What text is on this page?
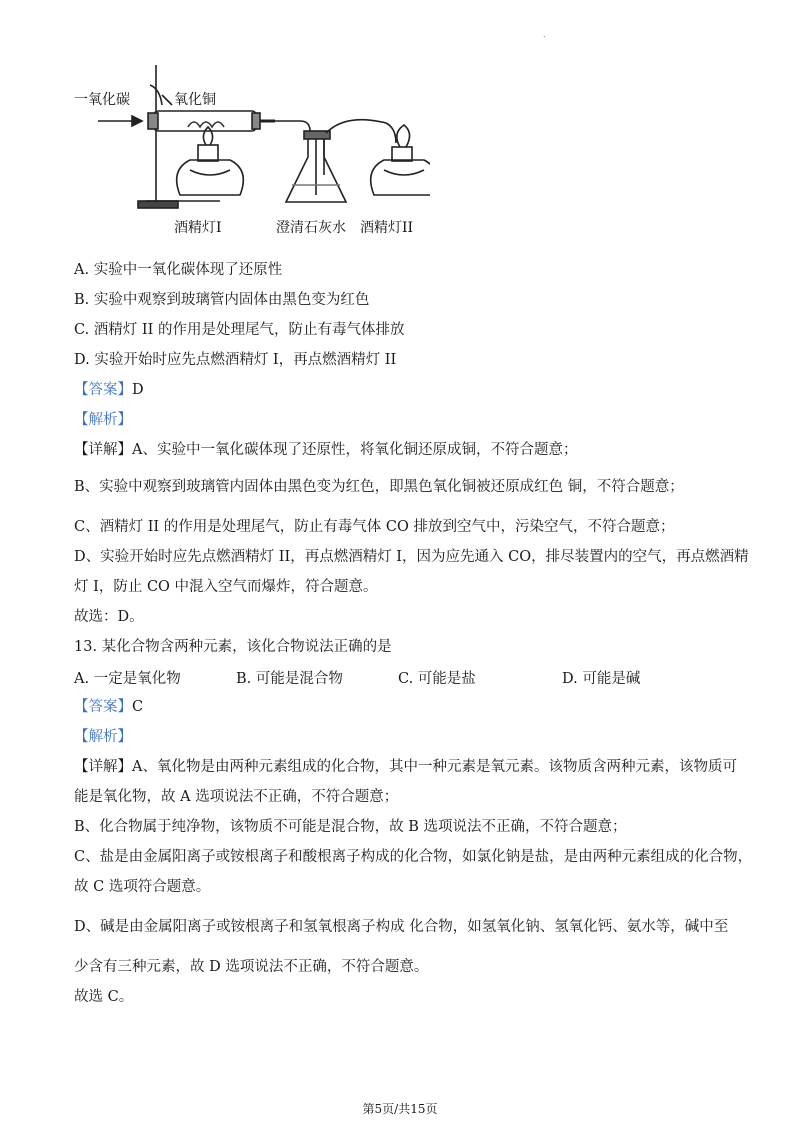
.
一氧化碳	氧化铜
酒精灯I	澄清石灰水 酒精灯II
A. 实验中一氧化碳体现了还原性
B. 实验中观察到玻璃管内固体由黑色变为红色
C. 酒精灯 II 的作用是处理尾气，防止有毒气体排放
D. 实验开始时应先点燃酒精灯 I，再点燃酒精灯 II
【答案】D
【解析】
【详解】A、实验中一氧化碳体现了还原性，将氧化铜还原成铜，不符合题意；
B、实验中观察到玻璃管内固体由黑色变为红色，即黑色氧化铜被还原成红色 铜，不符合题意；
C、酒精灯 II 的作用是处理尾气，防止有毒气体 CO 排放到空气中，污染空气，不符合题意；
D、实验开始时应先点燃酒精灯 II，再点燃酒精灯 I，因为应先通入 CO，排尽装置内的空气，再点燃酒精
灯 I，防止 CO 中混入空气而爆炸，符合题意。
故选：D。
13. 某化合物含两种元素，该化合物说法正确的是
A. 一定是氧化物	B. 可能是混合物	C. 可能是盐	D. 可能是碱
【答案】C
【解析】
【详解】A、氧化物是由两种元素组成的化合物，其中一种元素是氧元素。该物质含两种元素，该物质可
能是氧化物，故 A 选项说法不正确，不符合题意；
B、化合物属于纯净物，该物质不可能是混合物，故 B 选项说法不正确，不符合题意；
C、盐是由金属阳离子或铵根离子和酸根离子构成的化合物，如氯化钠是盐，是由两种元素组成的化合物，
故 C 选项符合题意。
D、碱是由金属阳离子或铵根离子和氢氧根离子构成 化合物，如氢氧化钠、氢氧化钙、氨水等，碱中至
少含有三种元素，故 D 选项说法不正确，不符合题意。
故选 C。
第5页/共15页
